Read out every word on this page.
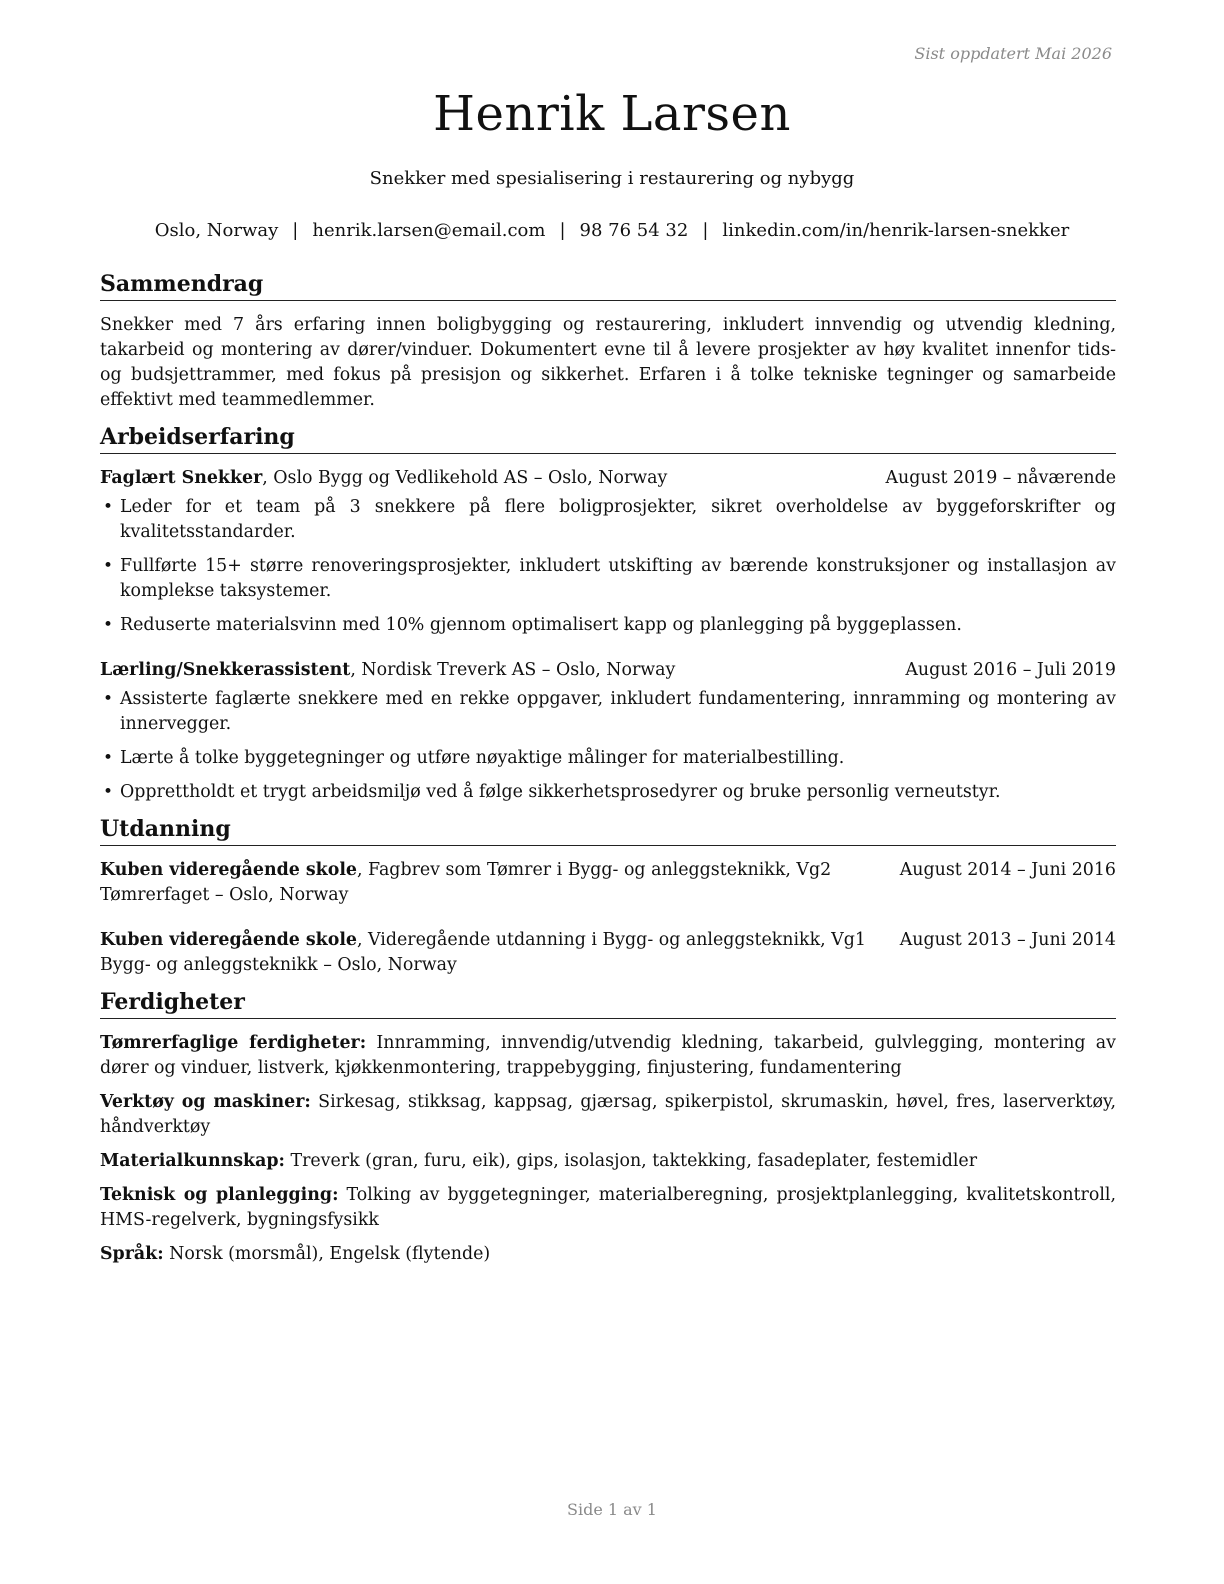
Sist oppdatert Mai 2026
Henrik Larsen
Snekker med spesialisering i restaurering og nybygg
Oslo, Norway | henrik.larsen@email.com | 98 76 54 32 | linkedin.com/in/henrik-larsen-snekker
Sammendrag

Snekker med 7 års erfaring innen boligbygging og restaurering, inkludert innvendig og utvendig kledning, takarbeid og montering av dører/vinduer. Dokumentert evne til å levere prosjekter av høy kvalitet innenfor tids- og budsjettrammer, med fokus på presisjon og sikkerhet. Erfaren i å tolke tekniske tegninger og samarbeide effektivt med teammedlemmer.

Arbeidserfaring
Faglært Snekker, Oslo Bygg og Vedlikehold AS – Oslo, Norway	August 2019 – nåværende
• Leder for et team på 3 snekkere på flere boligprosjekter, sikret overholdelse av byggeforskrifter og kvalitetsstandarder.
• Fullførte 15+ større renoveringsprosjekter, inkludert utskifting av bærende konstruksjoner og installasjon av komplekse taksystemer.
• Reduserte materialsvinn med 10% gjennom optimalisert kapp og planlegging på byggeplassen.
Lærling/Snekkerassistent, Nordisk Treverk AS – Oslo, Norway	August 2016 – Juli 2019
• Assisterte faglærte snekkere med en rekke oppgaver, inkludert fundamentering, innramming og montering av innervegger.
• Lærte å tolke byggetegninger og utføre nøyaktige målinger for materialbestilling.
• Opprettholdt et trygt arbeidsmiljø ved å følge sikkerhetsprosedyrer og bruke personlig verneutstyr.
Utdanning
Kuben videregående skole, Fagbrev som Tømrer i Bygg- og anleggsteknikk, Vg2 Tømrerfaget – Oslo, Norway
August 2014 – Juni 2016
Kuben videregående skole, Videregående utdanning i Bygg- og anleggsteknikk, Vg1 Bygg- og anleggsteknikk – Oslo, Norway
August 2013 – Juni 2014
Ferdigheter

Tømrerfaglige ferdigheter: Innramming, innvendig/utvendig kledning, takarbeid, gulvlegging, montering av dører og vinduer, listverk, kjøkkenmontering, trappebygging, finjustering, fundamentering

Verktøy og maskiner: Sirkesag, stikksag, kappsag, gjærsag, spikerpistol, skrumaskin, høvel, fres, laserverktøy, håndverktøy

Materialkunnskap: Treverk (gran, furu, eik), gips, isolasjon, taktekking, fasadeplater, festemidler

Teknisk og planlegging: Tolking av byggetegninger, materialberegning, prosjektplanlegging, kvalitetskontroll, HMS-regelverk, bygningsfysikk

Språk: Norsk (morsmål), Engelsk (flytende)

Side 1 av 1
